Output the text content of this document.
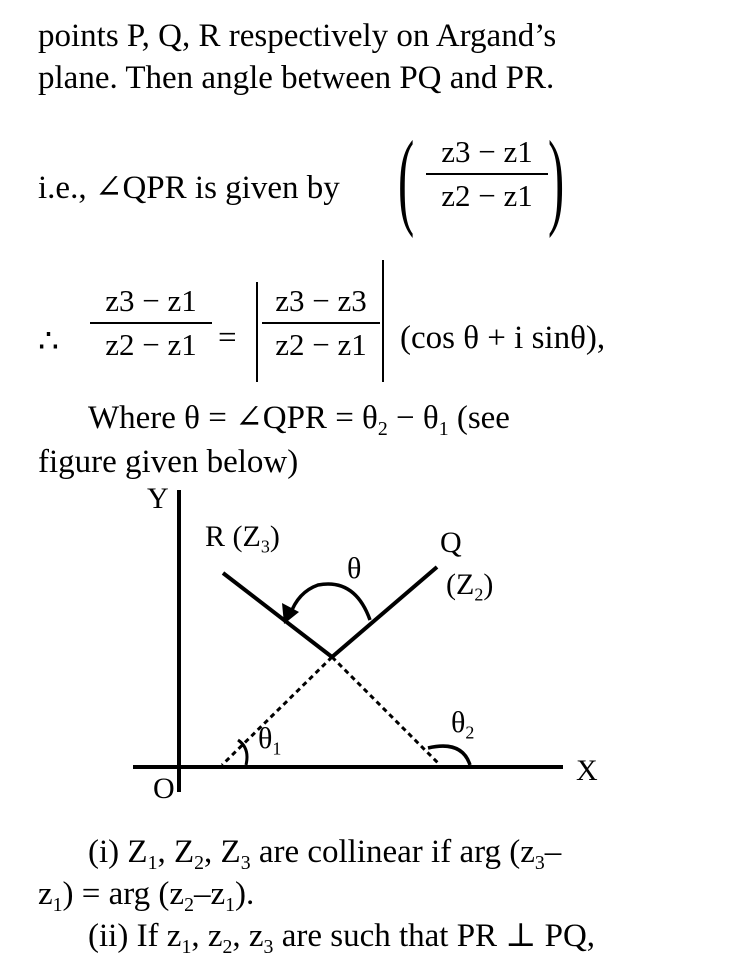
points P, Q, R respectively on Argand’s
plane. Then angle between PQ and PR.
i.e., ∠QPR is given by ( z3 − z1
z2 − z1 )
∴
z3 − z1
z2 − z1 =
z3 − z3
z2 − z1	(cos θ + i sinθ),
Where θ = ∠QPR = $\theta_2 - \theta_1$ (see
figure given below)
Y
X
O
R $(Z_3)$	Q
$(Z_2)$
θ
$\theta_1$
$\theta_2$
(i) $Z_1$, $Z_2$, $Z_3$ are collinear if arg ($z_3-$
$z_1$) = arg $(z_2-z_1)$.
(ii) If $z_1$, $z_2$, $z_3$ are such that PR ⊥ PQ,
